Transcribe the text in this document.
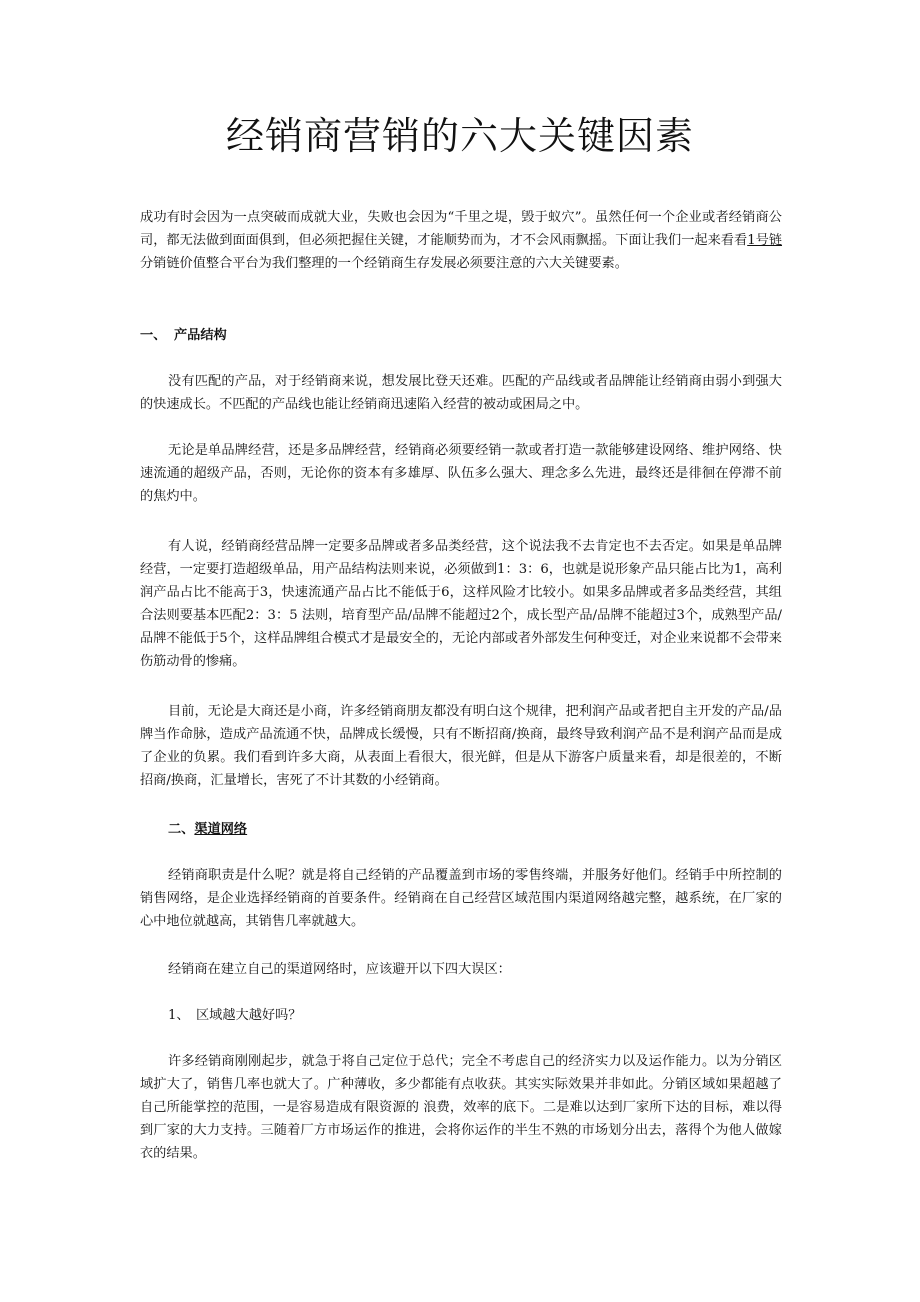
经销商营销的六大关键因素

成功有时会因为一点突破而成就大业，失败也会因为“千里之堤，毁于蚁穴”。虽然任何一个企业或者经销商公司，都无法做到面面俱到，但必须把握住关键，才能顺势而为，才不会风雨飘摇。下面让我们一起来看看1号链 分销链价值整合平台为我们整理的一个经销商生存发展必须要注意的六大关键要素。

一、 产品结构

没有匹配的产品，对于经销商来说，想发展比登天还难。匹配的产品线或者品牌能让经销商由弱小到强大的快速成长。不匹配的产品线也能让经销商迅速陷入经营的被动或困局之中。

无论是单品牌经营，还是多品牌经营，经销商必须要经销一款或者打造一款能够建设网络、维护网络、快速流通的超级产品，否则，无论你的资本有多雄厚、队伍多么强大、理念多么先进，最终还是徘徊在停滞不前的焦灼中。

有人说，经销商经营品牌一定要多品牌或者多品类经营，这个说法我不去肯定也不去否定。如果是单品牌经营，一定要打造超级单品，用产品结构法则来说，必须做到1：3：6，也就是说形象产品只能占比为1，高利润产品占比不能高于3，快速流通产品占比不能低于6，这样风险才比较小。如果多品牌或者多品类经营，其组合法则要基本匹配2：3：5 法则，培育型产品/品牌不能超过2个，成长型产品/品牌不能超过3个，成熟型产品/品牌不能低于5个，这样品牌组合模式才是最安全的，无论内部或者外部发生何种变迁，对企业来说都不会带来伤筋动骨的惨痛。

目前，无论是大商还是小商，许多经销商朋友都没有明白这个规律，把利润产品或者把自主开发的产品/品牌当作命脉，造成产品流通不快，品牌成长缓慢，只有不断招商/换商，最终导致利润产品不是利润产品而是成了企业的负累。我们看到许多大商，从表面上看很大，很光鲜，但是从下游客户质量来看，却是很差的，不断招商/换商，汇量增长，害死了不计其数的小经销商。

二、渠道网络

经销商职责是什么呢？就是将自己经销的产品覆盖到市场的零售终端，并服务好他们。经销手中所控制的销售网络，是企业选择经销商的首要条件。经销商在自己经营区域范围内渠道网络越完整，越系统，在厂家的心中地位就越高，其销售几率就越大。

经销商在建立自己的渠道网络时，应该避开以下四大误区：

1、 区域越大越好吗？

许多经销商刚刚起步，就急于将自己定位于总代；完全不考虑自己的经济实力以及运作能力。以为分销区域扩大了，销售几率也就大了。广种薄收，多少都能有点收获。其实实际效果并非如此。分销区域如果超越了自己所能掌控的范围，一是容易造成有限资源的 浪费，效率的底下。二是难以达到厂家所下达的目标，难以得到厂家的大力支持。三随着厂方市场运作的推进，会将你运作的半生不熟的市场划分出去，落得个为他人做嫁衣的结果。
